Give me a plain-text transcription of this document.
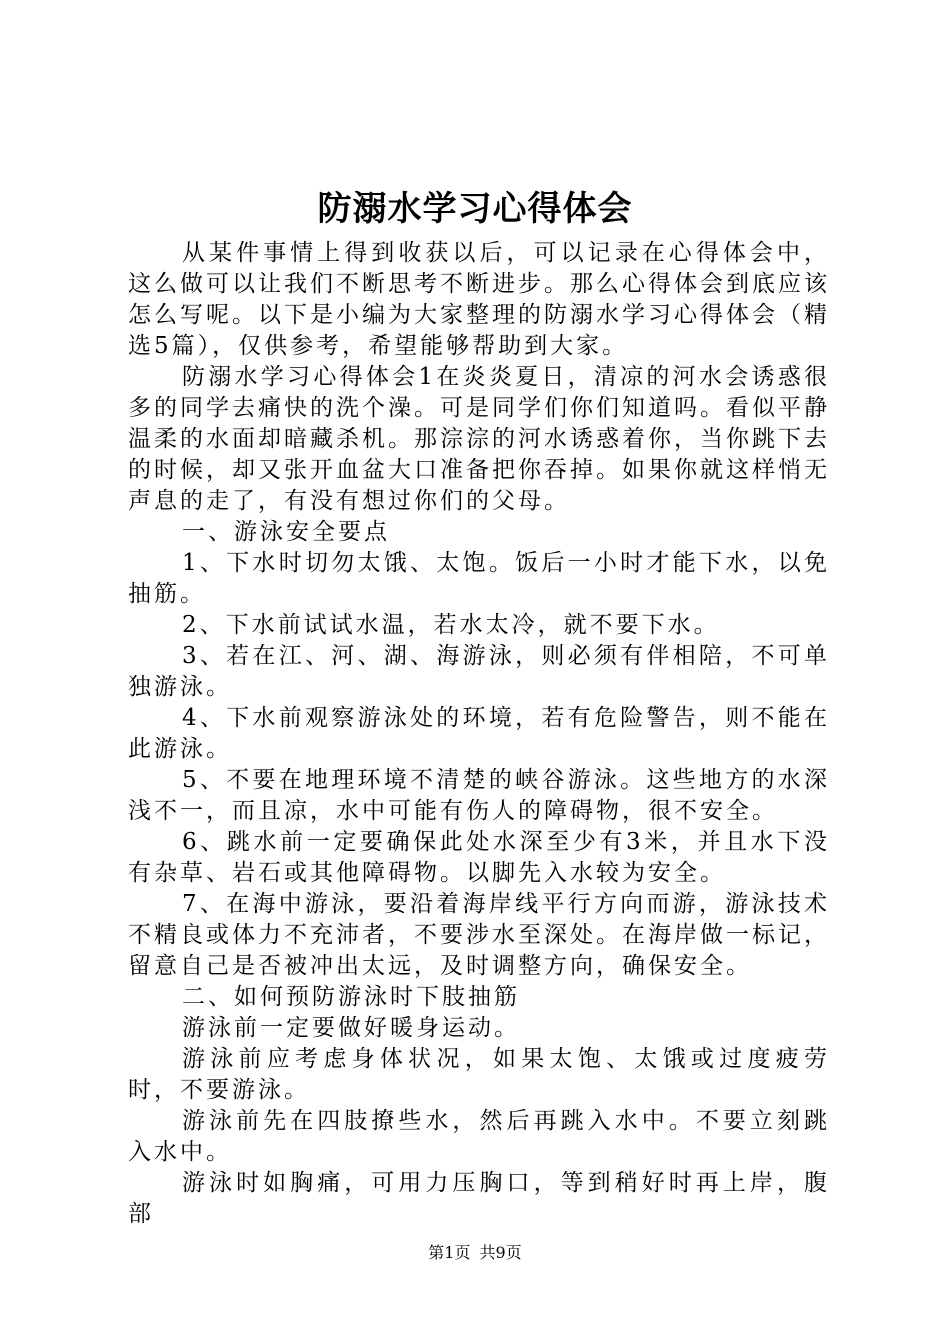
防溺水学习心得体会

从某件事情上得到收获以后，可以记录在心得体会中，这么做可以让我们不断思考不断进步。那么心得体会到底应该怎么写呢。以下是小编为大家整理的防溺水学习心得体会（精选5篇），仅供参考，希望能够帮助到大家。

防溺水学习心得体会1在炎炎夏日，清凉的河水会诱惑很多的同学去痛快的洗个澡。可是同学们你们知道吗。看似平静温柔的水面却暗藏杀机。那淙淙的河水诱惑着你，当你跳下去的时候，却又张开血盆大口准备把你吞掉。如果你就这样悄无声息的走了，有没有想过你们的父母。

一、游泳安全要点

1、下水时切勿太饿、太饱。饭后一小时才能下水，以免抽筋。

2、下水前试试水温，若水太冷，就不要下水。

3、若在江、河、湖、海游泳，则必须有伴相陪，不可单独游泳。

4、下水前观察游泳处的环境，若有危险警告，则不能在此游泳。

5、不要在地理环境不清楚的峡谷游泳。这些地方的水深浅不一，而且凉，水中可能有伤人的障碍物，很不安全。

6、跳水前一定要确保此处水深至少有3米，并且水下没有杂草、岩石或其他障碍物。以脚先入水较为安全。

7、在海中游泳，要沿着海岸线平行方向而游，游泳技术不精良或体力不充沛者，不要涉水至深处。在海岸做一标记，留意自己是否被冲出太远，及时调整方向，确保安全。

二、如何预防游泳时下肢抽筋

游泳前一定要做好暖身运动。

游泳前应考虑身体状况，如果太饱、太饿或过度疲劳时，不要游泳。

游泳前先在四肢撩些水，然后再跳入水中。不要立刻跳入水中。

游泳时如胸痛，可用力压胸口，等到稍好时再上岸，腹部

第1页 共9页
